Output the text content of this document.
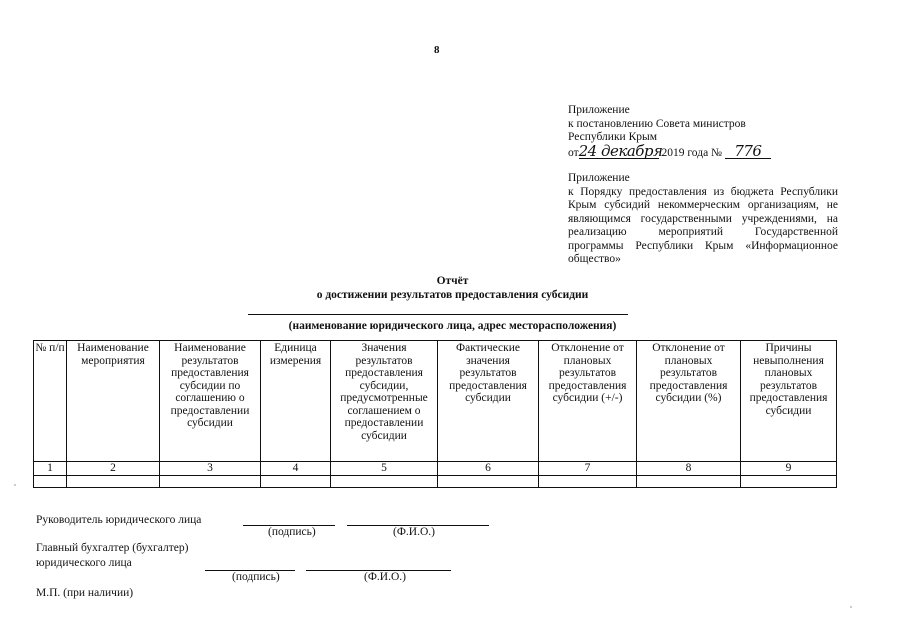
8
Приложение
к постановлению Совета министров
Республики Крым
от24 декабря 2019 года № 776
Приложение
к Порядку предоставления из бюджета Республики Крым субсидий некоммерческим организациям, не являющимся государственными учреждениями, на реализацию мероприятий Государственной программы Республики Крым «Информационное общество»
Отчёт
о достижении результатов предоставления субсидии
(наименование юридического лица, адрес месторасположения)
№ п/п	Наименование мероприятия	Наименование результатов предоставления субсидии по соглашению о предоставлении субсидии	Единица измерения	Значения результатов предоставления субсидии, предусмотренные соглашением о предоставлении субсидии	Фактические значения результатов предоставления субсидии	Отклонение от плановых результатов предоставления субсидии (+/-)	Отклонение от плановых результатов предоставления субсидии (%)	Причины невыполнения плановых результатов предоставления субсидии
1	2	3	4	5	6	7	8	9

Руководитель юридического лица
(подпись)	(Ф.И.О.)
Главный бухгалтер (бухгалтер)
юридического лица
(подпись)	(Ф.И.О.)
М.П. (при наличии)
